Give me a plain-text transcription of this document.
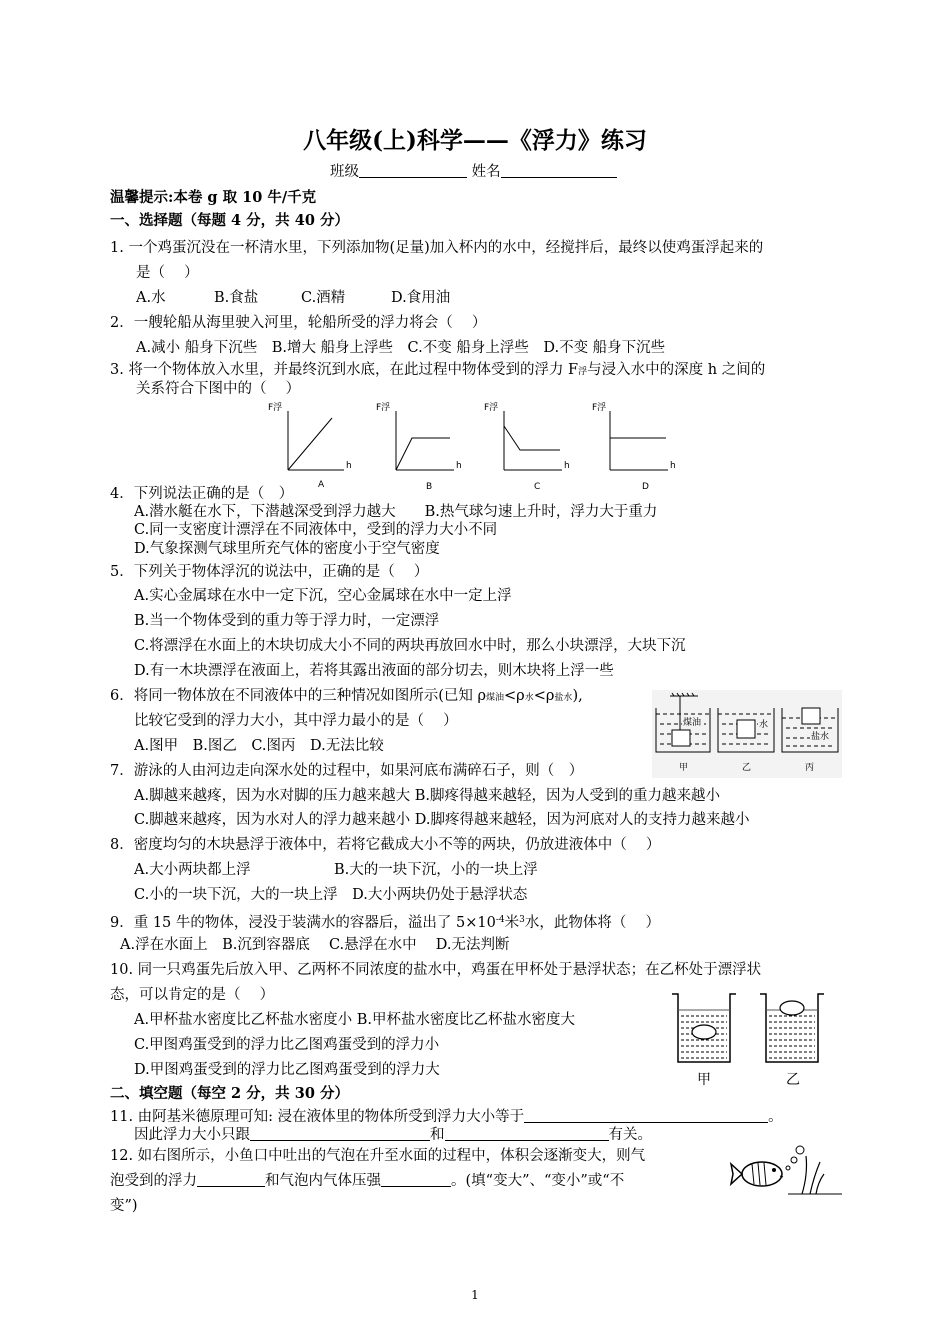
八年级(上)科学——《浮力》练习
班级	姓名
温馨提示:本卷 g 取 10 牛/千克
一、选择题（每题 4 分，共 40 分）
1. 一个鸡蛋沉没在一杯清水里，下列添加物(足量)加入杯内的水中，经搅拌后，最终以使鸡蛋浮起来的
是（　 ）
A.水	B.食盐	C.酒精	D.食用油
2．一艘轮船从海里驶入河里，轮船所受的浮力将会（　 ）
A.减小 船身下沉些　B.增大 船身上浮些　C.不变 船身上浮些　D.不变 船身下沉些
3. 将一个物体放入水里，并最终沉到水底，在此过程中物体受到的浮力 F浮与浸入水中的深度 h 之间的
关系符合下图中的（　 ）
F浮
h
A
F浮
h
B
F浮
h
C
F浮
h
D
4．下列说法正确的是（　）
A.潜水艇在水下，下潜越深受到浮力越大　　B.热气球匀速上升时，浮力大于重力
C.同一支密度计漂浮在不同液体中，受到的浮力大小不同
D.气象探测气球里所充气体的密度小于空气密度
5．下列关于物体浮沉的说法中，正确的是（　 ）
A.实心金属球在水中一定下沉，空心金属球在水中一定上浮
B.当一个物体受到的重力等于浮力时，一定漂浮
C.将漂浮在水面上的木块切成大小不同的两块再放回水中时，那么小块漂浮，大块下沉
D.有一木块漂浮在液面上，若将其露出液面的部分切去，则木块将上浮一些
6．将同一物体放在不同液体中的三种情况如图所示(已知 ρ煤油<ρ水<ρ盐水),
比较它受到的浮力大小，其中浮力最小的是（　 ）
A.图甲　B.图乙　C.图丙　D.无法比较
煤油
甲
水
乙
盐水
丙
7．游泳的人由河边走向深水处的过程中，如果河底布满碎石子，则（　）
A.脚越来越疼，因为水对脚的压力越来越大 B.脚疼得越来越轻，因为人受到的重力越来越小
C.脚越来越疼，因为水对人的浮力越来越小 D.脚疼得越来越轻，因为河底对人的支持力越来越小
8．密度均匀的木块悬浮于液体中，若将它截成大小不等的两块，仍放进液体中（　 ）
A.大小两块都上浮	B.大的一块下沉，小的一块上浮
C.小的一块下沉，大的一块上浮　D.大小两块仍处于悬浮状态
9．重 15 牛的物体，浸没于装满水的容器后，溢出了 $5\times 10^{-4}$米$^3$水，此物体将（　 ）
A.浮在水面上　B.沉到容器底　 C.悬浮在水中　 D.无法判断
10. 同一只鸡蛋先后放入甲、乙两杯不同浓度的盐水中，鸡蛋在甲杯处于悬浮状态；在乙杯处于漂浮状
态，可以肯定的是（　 ）
A.甲杯盐水密度比乙杯盐水密度小 B.甲杯盐水密度比乙杯盐水密度大
C.甲图鸡蛋受到的浮力比乙图鸡蛋受到的浮力小
D.甲图鸡蛋受到的浮力比乙图鸡蛋受到的浮力大
甲	乙
二、填空题（每空 2 分，共 30 分）
11. 由阿基米德原理可知: 浸在液体里的物体所受到浮力大小等于	。
因此浮力大小只跟	和	有关。
12. 如右图所示，小鱼口中吐出的气泡在升至水面的过程中，体积会逐渐变大，则气
泡受到的浮力	和气泡内气体压强	。(填“变大”、“变小”或“不
变”)
1
